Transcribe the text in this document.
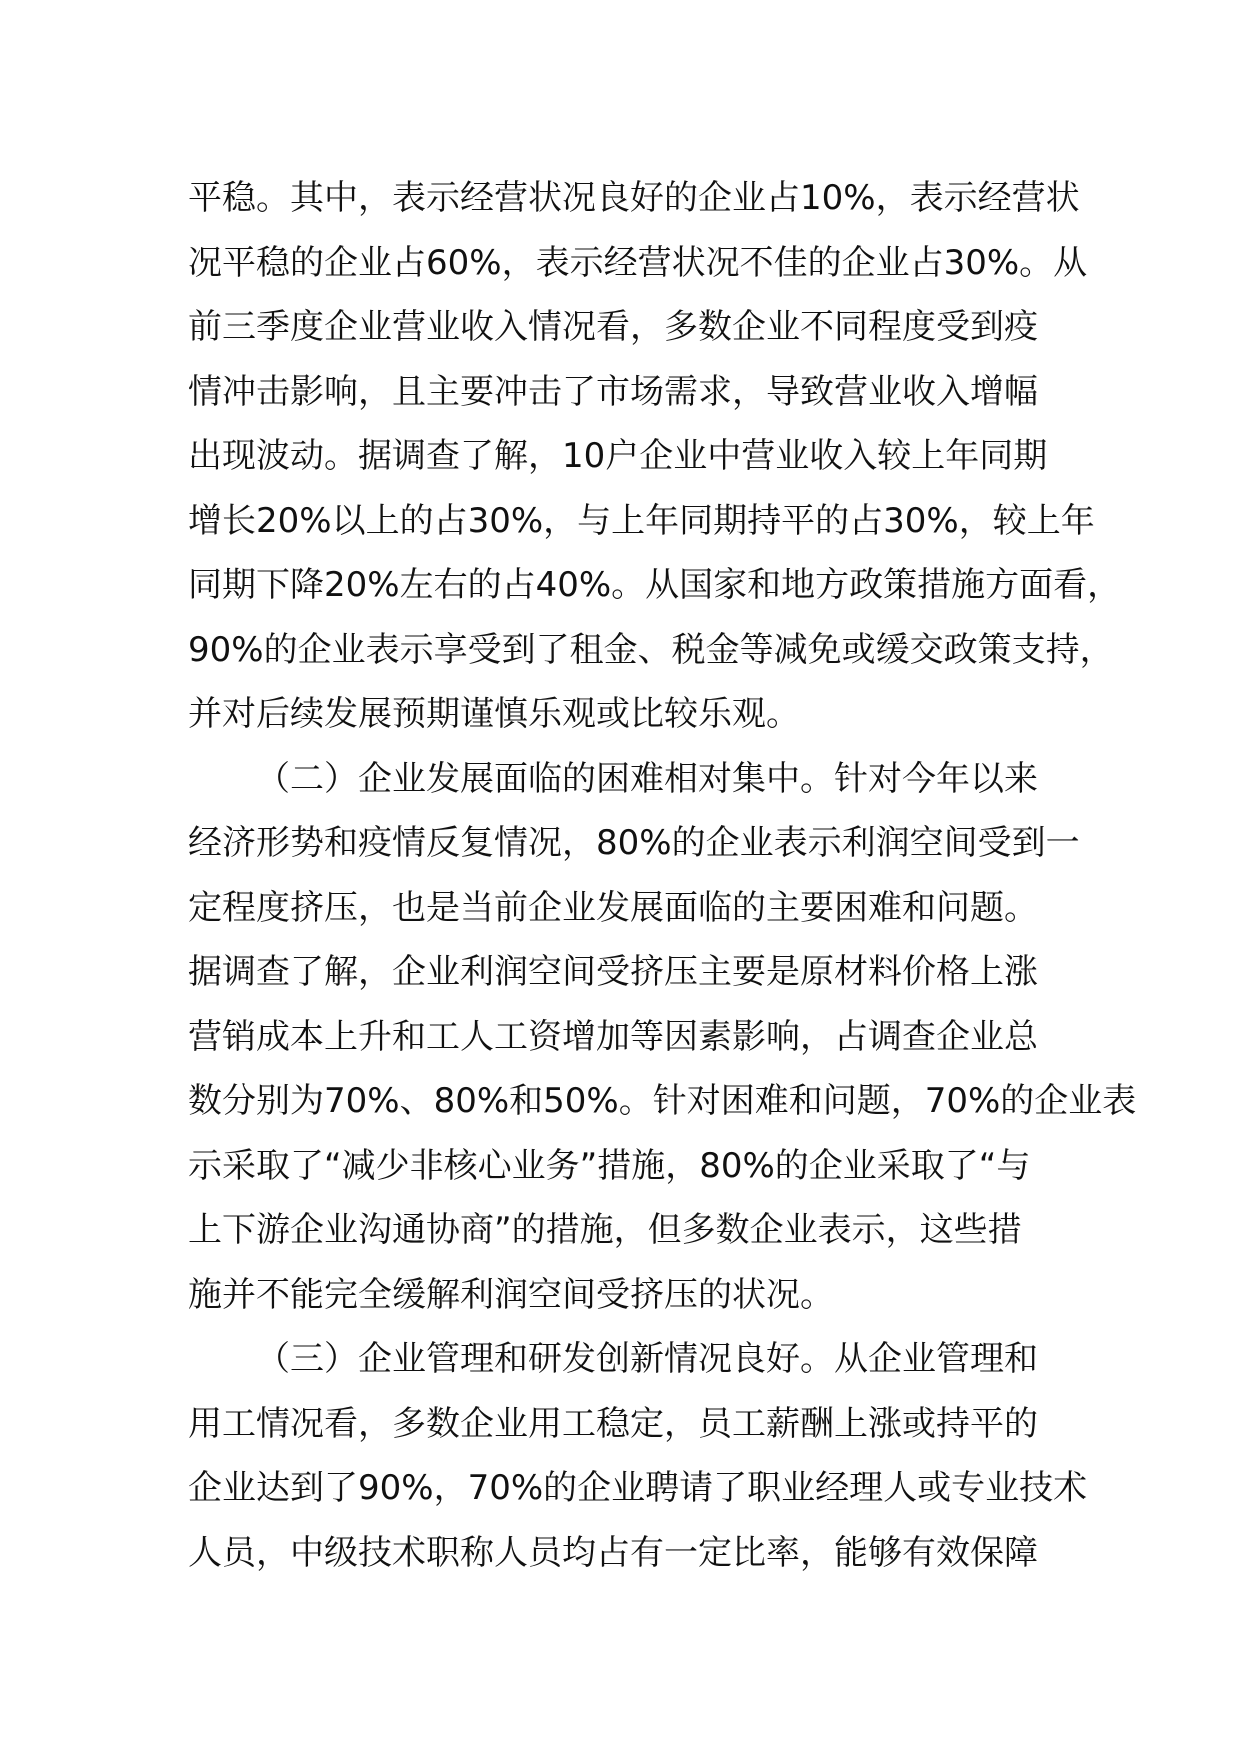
平稳。其中，表示经营状况良好的企业占10%，表示经营状
况平稳的企业占60%，表示经营状况不佳的企业占30%。从
前三季度企业营业收入情况看，多数企业不同程度受到疫
情冲击影响，且主要冲击了市场需求，导致营业收入增幅
出现波动。据调查了解，10户企业中营业收入较上年同期
增长20%以上的占30%，与上年同期持平的占30%，较上年
同期下降20%左右的占40%。从国家和地方政策措施方面看，
90%的企业表示享受到了租金、税金等减免或缓交政策支持，
并对后续发展预期谨慎乐观或比较乐观。
（二）企业发展面临的困难相对集中。针对今年以来
经济形势和疫情反复情况，80%的企业表示利润空间受到一
定程度挤压，也是当前企业发展面临的主要困难和问题。
据调查了解，企业利润空间受挤压主要是原材料价格上涨
营销成本上升和工人工资增加等因素影响，占调查企业总
数分别为70%、80%和50%。针对困难和问题，70%的企业表
示采取了“减少非核心业务”措施，80%的企业采取了“与
上下游企业沟通协商”的措施，但多数企业表示，这些措
施并不能完全缓解利润空间受挤压的状况。
（三）企业管理和研发创新情况良好。从企业管理和
用工情况看，多数企业用工稳定，员工薪酬上涨或持平的
企业达到了90%，70%的企业聘请了职业经理人或专业技术
人员，中级技术职称人员均占有一定比率，能够有效保障
